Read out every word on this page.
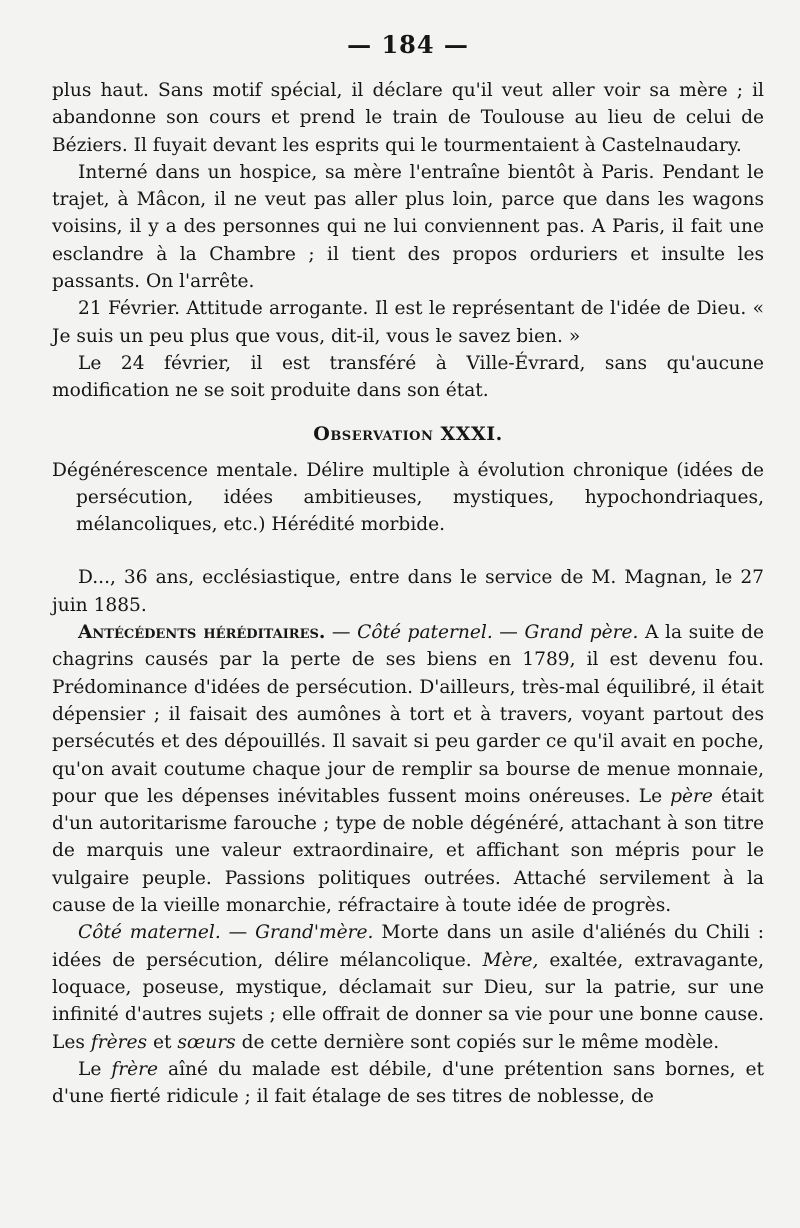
— 184 —

plus haut. Sans motif spécial, il déclare qu'il veut aller voir sa mère ; il abandonne son cours et prend le train de Toulouse au lieu de celui de Béziers. Il fuyait devant les esprits qui le tourmentaient à Castelnaudary.

Interné dans un hospice, sa mère l'entraîne bientôt à Paris. Pendant le trajet, à Mâcon, il ne veut pas aller plus loin, parce que dans les wagons voisins, il y a des personnes qui ne lui conviennent pas. A Paris, il fait une esclandre à la Chambre ; il tient des propos orduriers et insulte les passants. On l'arrête.

21 Février. Attitude arrogante. Il est le représentant de l'idée de Dieu. « Je suis un peu plus que vous, dit-il, vous le savez bien. »

Le 24 février, il est transféré à Ville-Évrard, sans qu'aucune modification ne se soit produite dans son état.

Observation XXXI.

Dégénérescence mentale. Délire multiple à évolution chronique (idées de persécution, idées ambitieuses, mystiques, hypochondriaques, mélancoliques, etc.) Hérédité morbide.

D..., 36 ans, ecclésiastique, entre dans le service de M. Magnan, le 27 juin 1885.

Antécédents héréditaires. — Côté paternel. — Grand père. A la suite de chagrins causés par la perte de ses biens en 1789, il est devenu fou. Prédominance d'idées de persécution. D'ailleurs, très-mal équilibré, il était dépensier ; il faisait des aumônes à tort et à travers, voyant partout des persécutés et des dépouillés. Il savait si peu garder ce qu'il avait en poche, qu'on avait coutume chaque jour de remplir sa bourse de menue monnaie, pour que les dépenses inévitables fussent moins onéreuses. Le père était d'un autoritarisme farouche ; type de noble dégénéré, attachant à son titre de marquis une valeur extraordinaire, et affichant son mépris pour le vulgaire peuple. Passions politiques outrées. Attaché servilement à la cause de la vieille monarchie, réfractaire à toute idée de progrès.

Côté maternel. — Grand'mère. Morte dans un asile d'aliénés du Chili : idées de persécution, délire mélancolique. Mère, exaltée, extravagante, loquace, poseuse, mystique, déclamait sur Dieu, sur la patrie, sur une infinité d'autres sujets ; elle offrait de donner sa vie pour une bonne cause. Les frères et sœurs de cette dernière sont copiés sur le même modèle.

Le frère aîné du malade est débile, d'une prétention sans bornes, et d'une fierté ridicule ; il fait étalage de ses titres de noblesse, de
